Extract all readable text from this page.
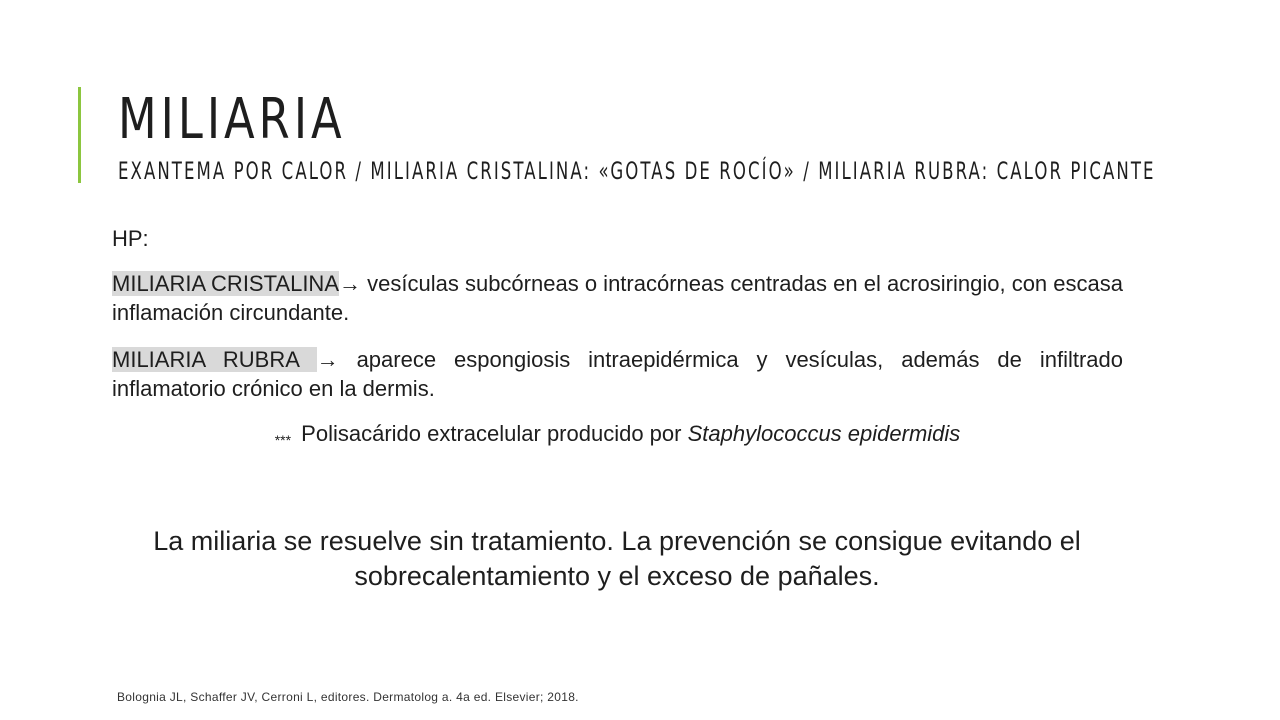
MILIARIA
EXANTEMA POR CALOR / MILIARIA CRISTALINA: «GOTAS DE ROCÍO» / MILIARIA RUBRA: CALOR PICANTE

HP:

MILIARIA CRISTALINA→ vesículas subcórneas o intracórneas centradas en el acrosiringio, con escasa inflamación circundante.

MILIARIA RUBRA → aparece espongiosis intraepidérmica y vesículas, además de infiltrado inflamatorio crónico en la dermis.

*** Polisacárido extracelular producido por Staphylococcus epidermidis

La miliaria se resuelve sin tratamiento. La prevención se consigue evitando el sobrecalentamiento y el exceso de pañales.

Bolognia JL, Schaffer JV, Cerroni L, editores. Dermatolog a. 4a ed. Elsevier; 2018.
